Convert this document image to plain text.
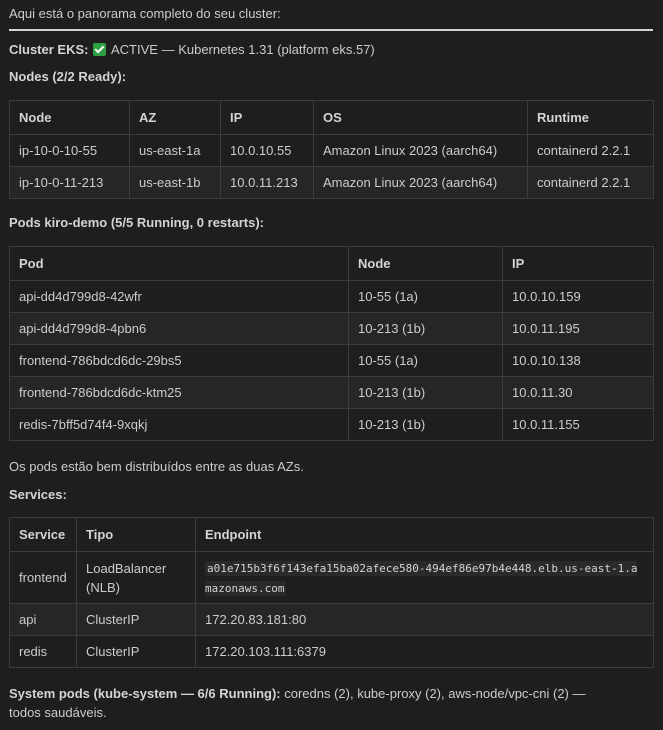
Aqui está o panorama completo do seu cluster:
Cluster EKS: ACTIVE — Kubernetes 1.31 (platform eks.57)
Nodes (2/2 Ready):
Node	AZ	IP	OS	Runtime
ip-10-0-10-55	us-east-1a	10.0.10.55	Amazon Linux 2023 (aarch64)	containerd 2.2.1
ip-10-0-11-213	us-east-1b	10.0.11.213	Amazon Linux 2023 (aarch64)	containerd 2.2.1
Pods kiro-demo (5/5 Running, 0 restarts):
Pod	Node	IP
api-dd4d799d8-42wfr	10-55 (1a)	10.0.10.159
api-dd4d799d8-4pbn6	10-213 (1b)	10.0.11.195
frontend-786bdcd6dc-29bs5	10-55 (1a)	10.0.10.138
frontend-786bdcd6dc-ktm25	10-213 (1b)	10.0.11.30
redis-7bff5d74f4-9xqkj	10-213 (1b)	10.0.11.155
Os pods estão bem distribuídos entre as duas AZs.
Services:
Service	Tipo	Endpoint
frontend	LoadBalancer (NLB)	a01e715b3f6f143efa15ba02afece580-494ef86e97b4e448.elb.us-east-1.amazonaws.com
api	ClusterIP	172.20.83.181:80
redis	ClusterIP	172.20.103.111:6379
System pods (kube-system — 6/6 Running): coredns (2), kube-proxy (2), aws-node/vpc-cni (2) — todos saudáveis.
